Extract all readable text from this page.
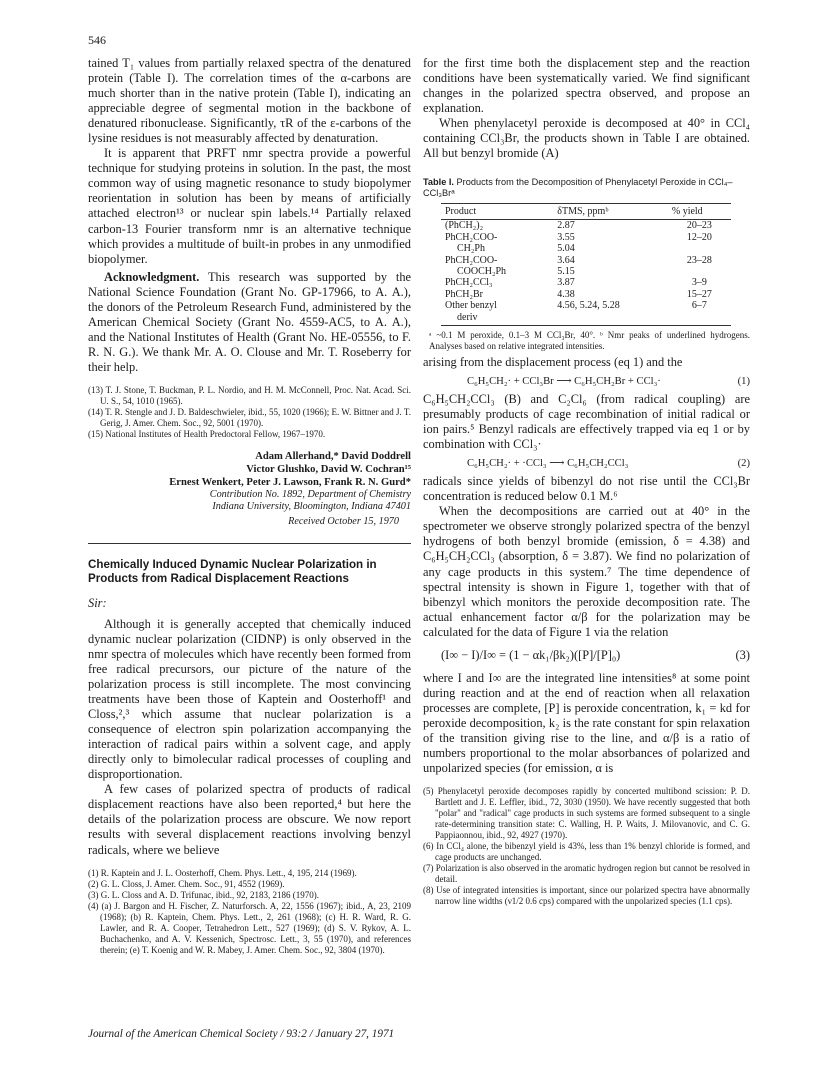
546

tained T₁ values from partially relaxed spectra of the denatured protein (Table I). The correlation times of the α-carbons are much shorter than in the native protein (Table I), indicating an appreciable degree of segmental motion in the backbone of denatured ribonuclease. Significantly, τR of the ε-carbons of the lysine residues is not measurably affected by denaturation.

It is apparent that PRFT nmr spectra provide a powerful technique for studying proteins in solution. In the past, the most common way of using magnetic resonance to study biopolymer reorientation in solution has been by means of artificially attached electron¹³ or nuclear spin labels.¹⁴ Partially relaxed carbon-13 Fourier transform nmr is an alternative technique which provides a multitude of built-in probes in any unmodified biopolymer.

Acknowledgment. This research was supported by the National Science Foundation (Grant No. GP-17966, to A. A.), the donors of the Petroleum Research Fund, administered by the American Chemical Society (Grant No. 4559-AC5, to A. A.), and the National Institutes of Health (Grant No. HE-05556, to F. R. N. G.). We thank Mr. A. O. Clouse and Mr. T. Roseberry for their help.

(13) T. J. Stone, T. Buckman, P. L. Nordio, and H. M. McConnell, Proc. Nat. Acad. Sci. U. S., 54, 1010 (1965).

(14) T. R. Stengle and J. D. Baldeschwieler, ibid., 55, 1020 (1966); E. W. Bittner and J. T. Gerig, J. Amer. Chem. Soc., 92, 5001 (1970).

(15) National Institutes of Health Predoctoral Fellow, 1967–1970.

Adam Allerhand,* David Doddrell
Victor Glushko, David W. Cochran¹⁵
Ernest Wenkert, Peter J. Lawson, Frank R. N. Gurd*
Contribution No. 1892, Department of Chemistry
Indiana University, Bloomington, Indiana 47401
Received October 15, 1970
Chemically Induced Dynamic Nuclear Polarization in Products from Radical Displacement Reactions
Sir:

Although it is generally accepted that chemically induced dynamic nuclear polarization (CIDNP) is only observed in the nmr spectra of molecules which have recently been formed from free radical precursors, our picture of the nature of the polarization process is still incomplete. The most convincing treatments have been those of Kaptein and Oosterhoff¹ and Closs,²,³ which assume that nuclear polarization is a consequence of electron spin polarization accompanying the interaction of radical pairs within a solvent cage, and apply directly only to bimolecular radical processes of coupling and disproportionation.

A few cases of polarized spectra of products of radical displacement reactions have also been reported,⁴ but here the details of the polarization process are obscure. We now report results with several displacement reactions involving benzyl radicals, where we believe

(1) R. Kaptein and J. L. Oosterhoff, Chem. Phys. Lett., 4, 195, 214 (1969).

(2) G. L. Closs, J. Amer. Chem. Soc., 91, 4552 (1969).

(3) G. L. Closs and A. D. Trifunac, ibid., 92, 2183, 2186 (1970).

(4) (a) J. Bargon and H. Fischer, Z. Naturforsch. A, 22, 1556 (1967); ibid., A, 23, 2109 (1968); (b) R. Kaptein, Chem. Phys. Lett., 2, 261 (1968); (c) H. R. Ward, R. G. Lawler, and R. A. Cooper, Tetrahedron Lett., 527 (1969); (d) S. V. Rykov, A. L. Buchachenko, and A. V. Kessenich, Spectrosc. Lett., 3, 55 (1970), and references therein; (e) T. Koenig and W. R. Mabey, J. Amer. Chem. Soc., 92, 3804 (1970).

for the first time both the displacement step and the reaction conditions have been systematically varied. We find significant changes in the polarized spectra observed, and propose an explanation.

When phenylacetyl peroxide is decomposed at 40° in CCl₄ containing CCl₃Br, the products shown in Table I are obtained. All but benzyl bromide (A)

Table I. Products from the Decomposition of Phenylacetyl Peroxide in CCl₄–CCl₃Brᵃ
Product	δTMS, ppmᵇ	% yield
(PhCH₂)₂	2.87	20–23
PhCH₂COO-	3.55	12–20
CH₂Ph	5.04	
PhCH₂COO-	3.64	23–28
COOCH₂Ph	5.15	
PhCH₂CCl₃	3.87	3–9
PhCH₂Br	4.38	15–27
Other benzyl	4.56, 5.24, 5.28	6–7
deriv		
ᵃ ~0.1 M peroxide, 0.1–3 M CCl₃Br, 40°. ᵇ Nmr peaks of underlined hydrogens. Analyses based on relative integrated intensities.

arising from the displacement process (eq 1) and the

C₆H₅CH₂· + CCl₃Br ⟶ C₆H₅CH₂Br + CCl₃·	(1)

C₆H₅CH₂CCl₃ (B) and C₂Cl₆ (from radical coupling) are presumably products of cage recombination of initial radical or ion pairs.⁵ Benzyl radicals are effectively trapped via eq 1 or by combination with CCl₃·

C₆H₅CH₂· + ·CCl₃ ⟶ C₆H₅CH₂CCl₃	(2)

radicals since yields of bibenzyl do not rise until the CCl₃Br concentration is reduced below 0.1 M.⁶

When the decompositions are carried out at 40° in the spectrometer we observe strongly polarized spectra of the benzyl hydrogens of both benzyl bromide (emission, δ = 4.38) and C₆H₅CH₂CCl₃ (absorption, δ = 3.87). We find no polarization of any cage products in this system.⁷ The time dependence of spectral intensity is shown in Figure 1, together with that of bibenzyl which monitors the peroxide decomposition rate. The actual enhancement factor α/β for the polarization may be calculated for the data of Figure 1 via the relation

(I∞ − I)/I∞ = (1 − αk₁/βk₂)([P]/[P]₀)	(3)

where I and I∞ are the integrated line intensities⁸ at some point during reaction and at the end of reaction when all relaxation processes are complete, [P] is peroxide concentration, k₁ = kd for peroxide decomposition, k₂ is the rate constant for spin relaxation of the transition giving rise to the line, and α/β is a ratio of numbers proportional to the molar absorbances of polarized and unpolarized species (for emission, α is

(5) Phenylacetyl peroxide decomposes rapidly by concerted multibond scission: P. D. Bartlett and J. E. Leffler, ibid., 72, 3030 (1950). We have recently suggested that both "polar" and "radical" cage products in such systems are formed subsequent to a single rate-determining transition state: C. Walling, H. P. Waits, J. Milovanovic, and C. G. Pappiaonnou, ibid., 92, 4927 (1970).

(6) In CCl₄ alone, the bibenzyl yield is 43%, less than 1% benzyl chloride is formed, and cage products are unchanged.

(7) Polarization is also observed in the aromatic hydrogen region but cannot be resolved in detail.

(8) Use of integrated intensities is important, since our polarized spectra have abnormally narrow line widths (ν1/2 0.6 cps) compared with the unpolarized species (1.1 cps).

Journal of the American Chemical Society / 93:2 / January 27, 1971
